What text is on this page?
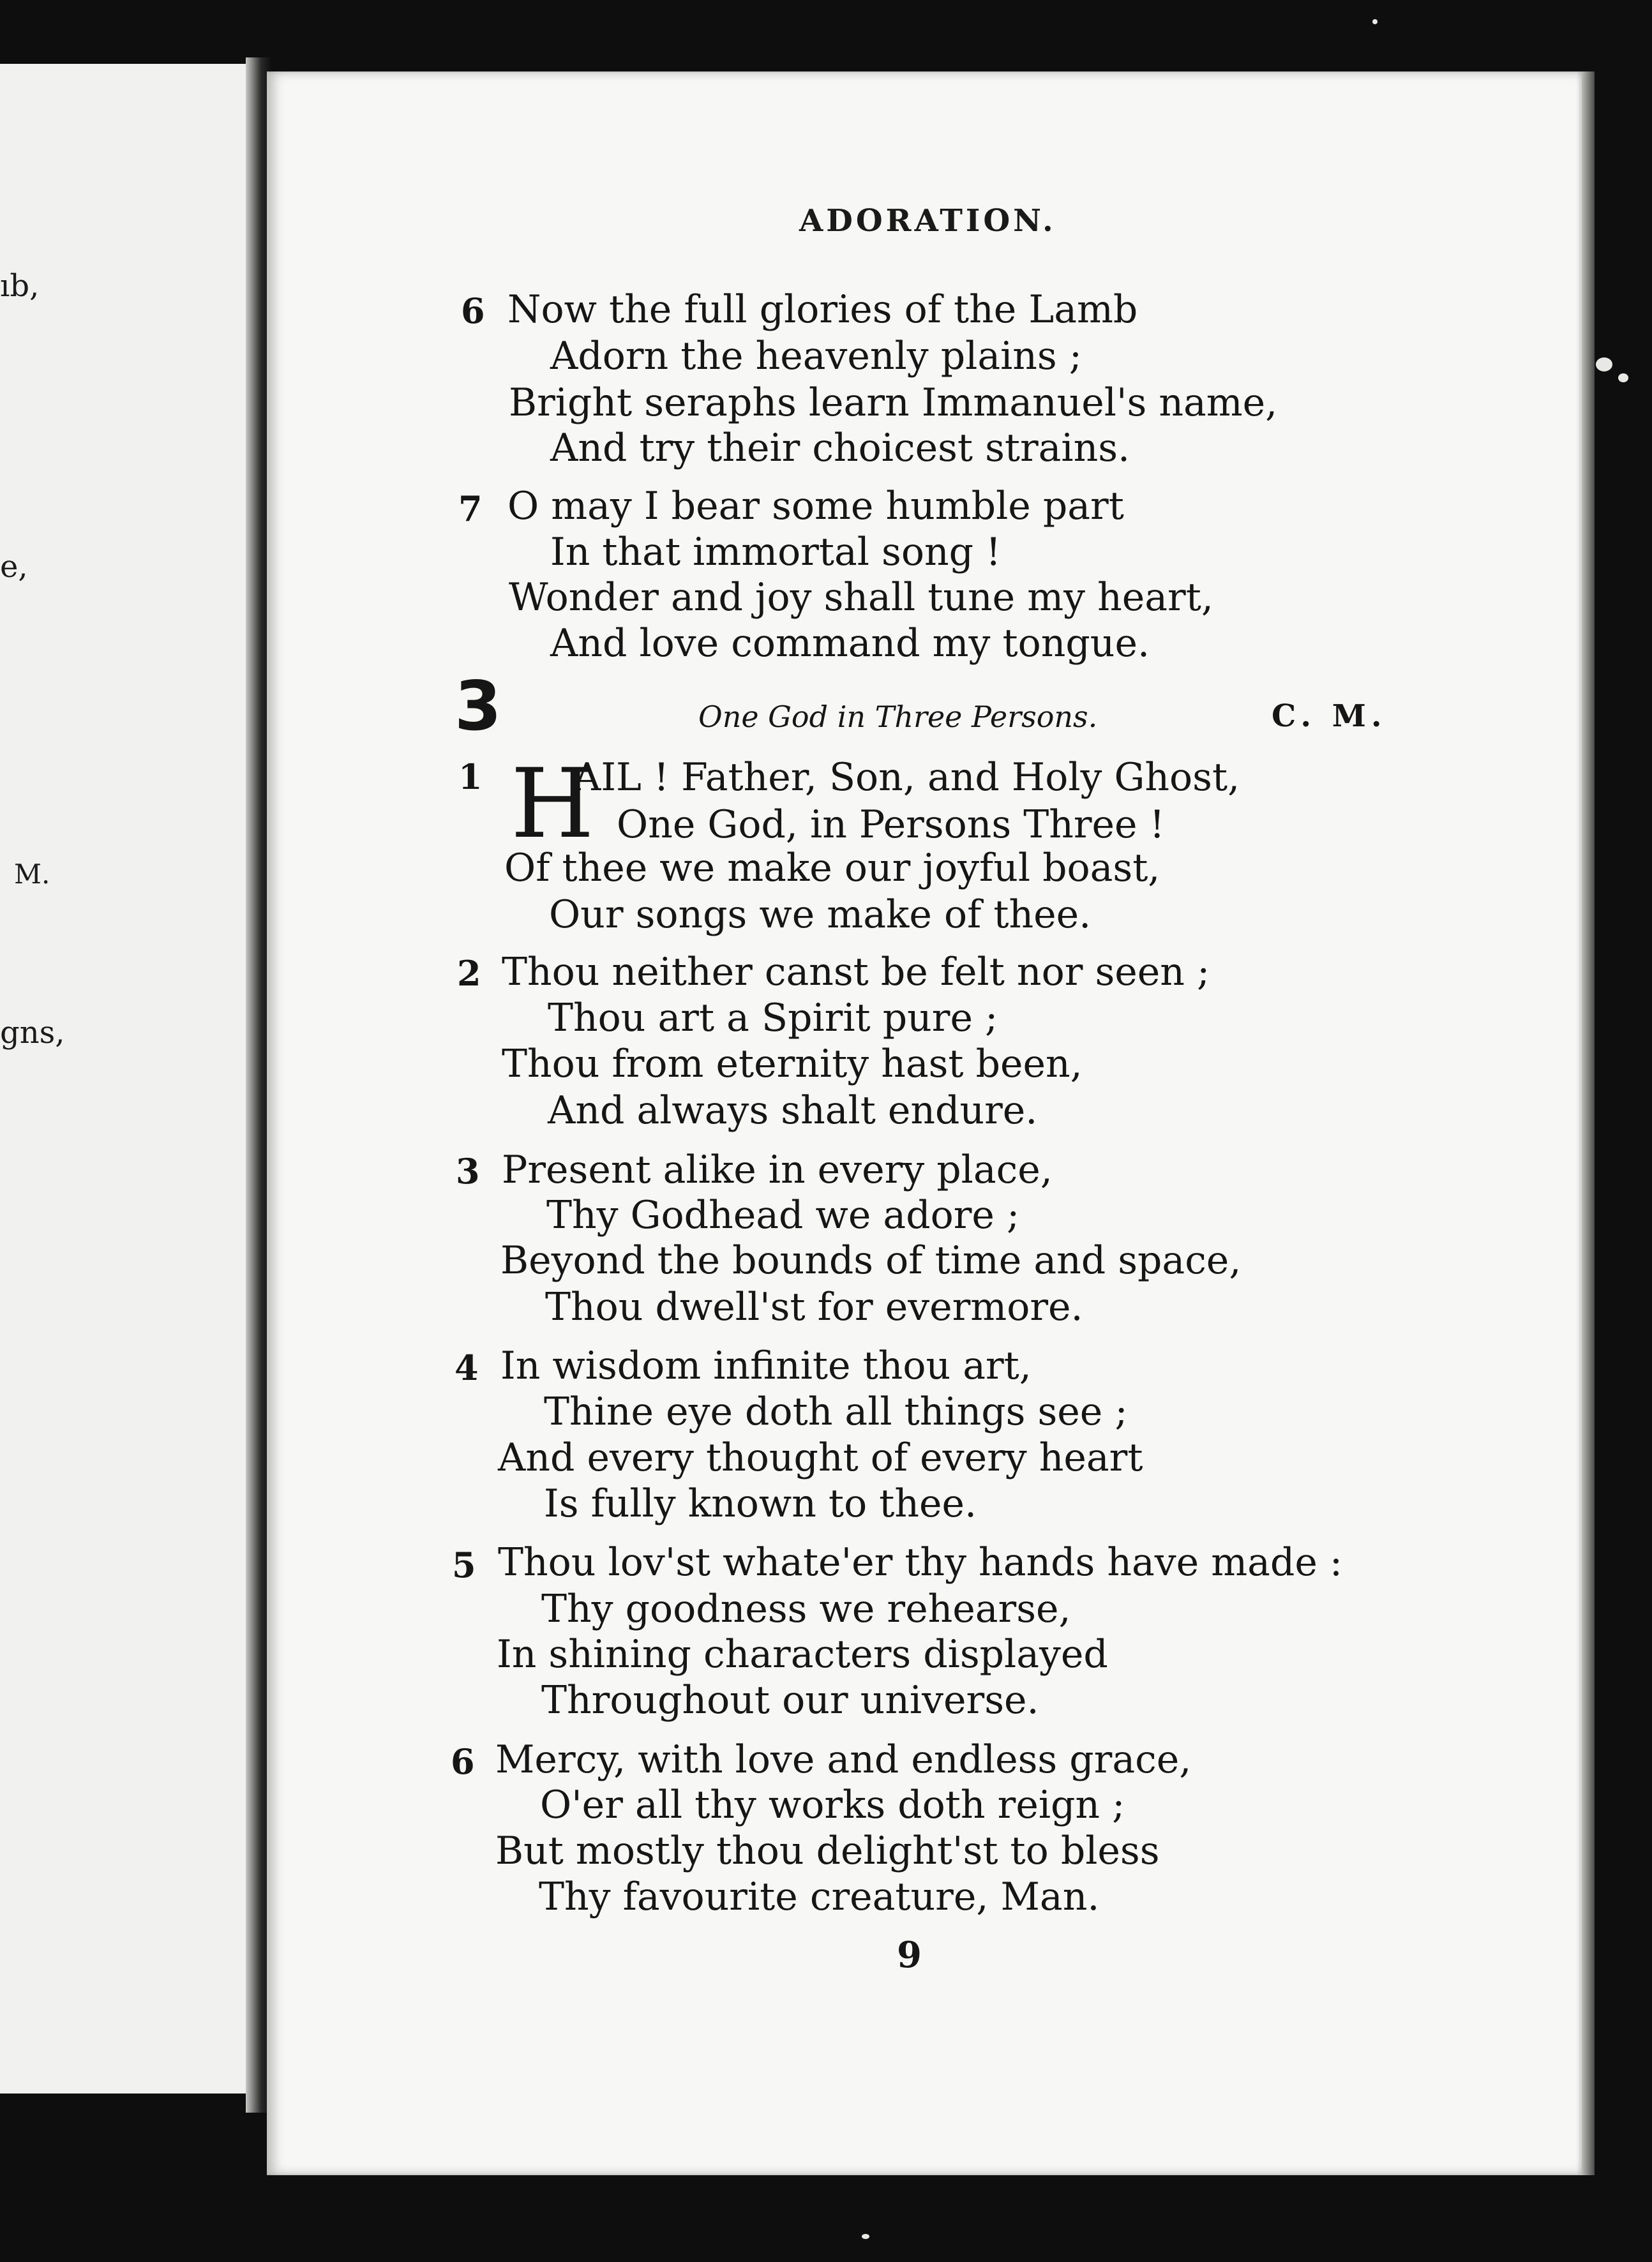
ıb,
e,
M.
gns,
ADORATION.
6 Now the full glories of the Lamb
Adorn the heavenly plains ;
Bright seraphs learn Immanuel's name,
And try their choicest strains.
7 O may I bear some humble part
In that immortal song !
Wonder and joy shall tune my heart,
And love command my tongue.
3	One God in Three Persons.	C. M.
1 H
AIL ! Father, Son, and Holy Ghost,
One God, in Persons Three !
Of thee we make our joyful boast,
Our songs we make of thee.
2 Thou neither canst be felt nor seen ;
Thou art a Spirit pure ;
Thou from eternity hast been,
And always shalt endure.
3 Present alike in every place,
Thy Godhead we adore ;
Beyond the bounds of time and space,
Thou dwell'st for evermore.
4 In wisdom infinite thou art,
Thine eye doth all things see ;
And every thought of every heart
Is fully known to thee.
5 Thou lov'st whate'er thy hands have made :
Thy goodness we rehearse,
In shining characters displayed
Throughout our universe.
6 Mercy, with love and endless grace,
O'er all thy works doth reign ;
But mostly thou delight'st to bless
Thy favourite creature, Man.
9
